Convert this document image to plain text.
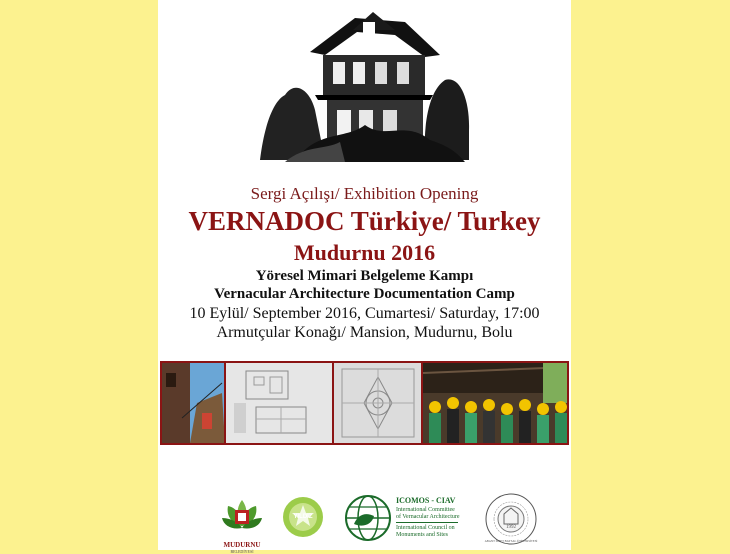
Sergi Açılışı/ Exhibition Opening
VERNADOC Türkiye/ Turkey
Mudurnu 2016
Yöresel Mimari Belgeleme Kampı
Vernacular Architecture Documentation Camp
10 Eylül/ September 2016, Cumartesi/ Saturday, 17:00
Armutçular Konağı/ Mansion, Mudurnu, Bolu
MUDURNU
BELEDİYESİ
YILDIZ
ICOMOS - CIAV
International Committee
of Vernacular Architecture
International Council on
Monuments and Sites
1992
ABANT İZZET BAYSAL ÜNİVERSİTESİ
